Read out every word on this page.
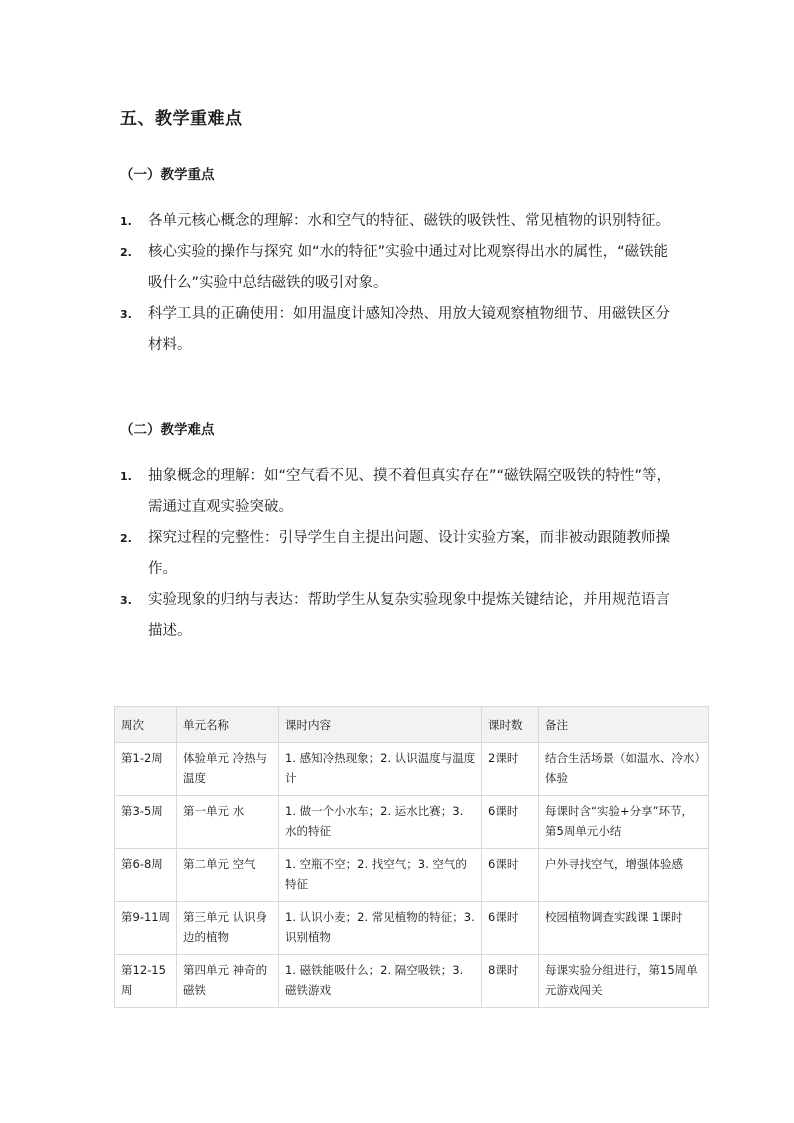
五、教学重难点
（一）教学重点
1. 各单元核心概念的理解：水和空气的特征、磁铁的吸铁性、常见植物的识别特征。
2. 核心实验的操作与探究 如“水的特征”实验中通过对比观察得出水的属性，“磁铁能吸什么”实验中总结磁铁的吸引对象。
3. 科学工具的正确使用：如用温度计感知冷热、用放大镜观察植物细节、用磁铁区分材料。
（二）教学难点
1. 抽象概念的理解：如“空气看不见、摸不着但真实存在”“磁铁隔空吸铁的特性”等，需通过直观实验突破。
2. 探究过程的完整性：引导学生自主提出问题、设计实验方案，而非被动跟随教师操作。
3. 实验现象的归纳与表达：帮助学生从复杂实验现象中提炼关键结论，并用规范语言描述。
周次	单元名称	课时内容	课时数	备注
第1-2周	体验单元 冷热与温度	1. 感知冷热现象；2. 认识温度与温度计	2课时	结合生活场景（如温水、冷水）体验
第3-5周	第一单元 水	1. 做一个小水车；2. 运水比赛；3. 水的特征	6课时	每课时含“实验+分享”环节，第5周单元小结
第6-8周	第二单元 空气	1. 空瓶不空；2. 找空气；3. 空气的特征	6课时	户外寻找空气，增强体验感
第9-11周	第三单元 认识身边的植物	1. 认识小麦；2. 常见植物的特征；3. 识别植物	6课时	校园植物调查实践课 1课时
第12-15周	第四单元 神奇的磁铁	1. 磁铁能吸什么；2. 隔空吸铁；3. 磁铁游戏	8课时	每课实验分组进行，第15周单元游戏闯关
